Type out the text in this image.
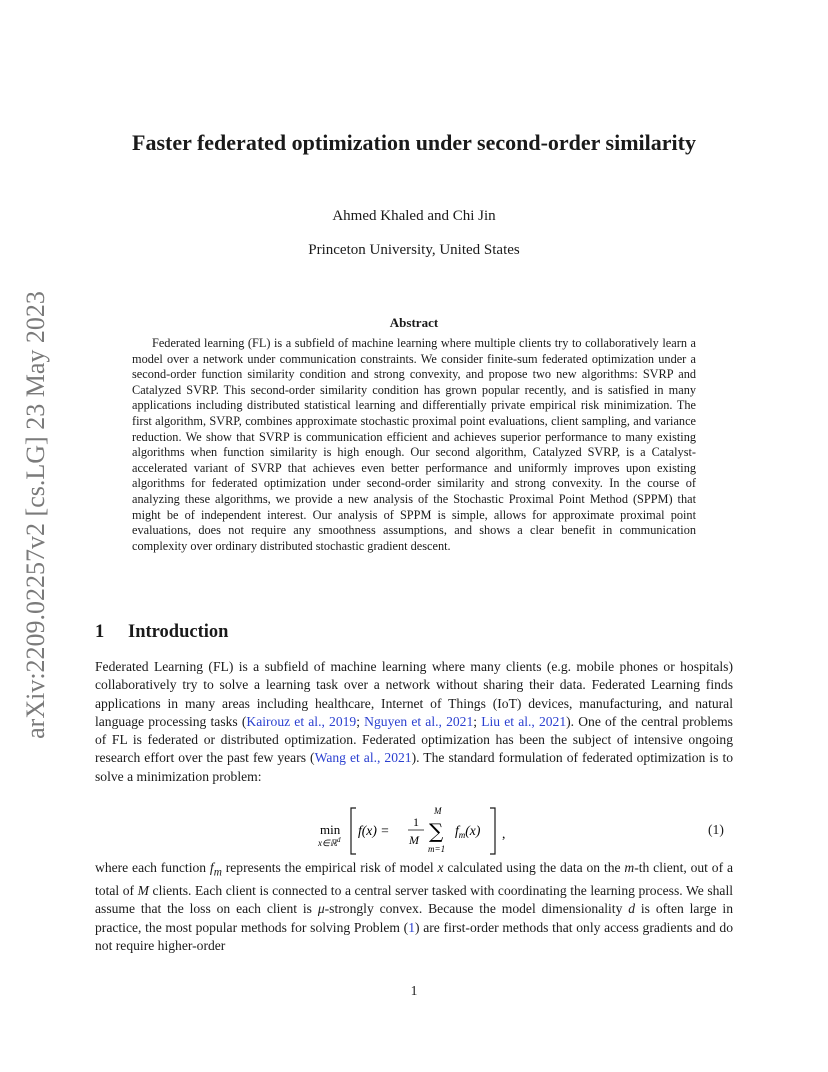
arXiv:2209.02257v2 [cs.LG] 23 May 2023
Faster federated optimization under second-order similarity
Ahmed Khaled and Chi Jin
Princeton University, United States
Abstract

Federated learning (FL) is a subfield of machine learning where multiple clients try to collaboratively learn a model over a network under communication constraints. We consider finite-sum federated optimization under a second-order function similarity condition and strong convexity, and propose two new algorithms: SVRP and Catalyzed SVRP. This second-order similarity condition has grown popular recently, and is satisfied in many applications including distributed statistical learning and differentially private empirical risk minimization. The first algorithm, SVRP, combines approximate stochastic proximal point evaluations, client sampling, and variance reduction. We show that SVRP is communication efficient and achieves superior performance to many existing algorithms when function similarity is high enough. Our second algorithm, Catalyzed SVRP, is a Catalyst-accelerated variant of SVRP that achieves even better performance and uniformly improves upon existing algorithms for federated optimization under second-order similarity and strong convexity. In the course of analyzing these algorithms, we provide a new analysis of the Stochastic Proximal Point Method (SPPM) that might be of independent interest. Our analysis of SPPM is simple, allows for approximate proximal point evaluations, does not require any smoothness assumptions, and shows a clear benefit in communication complexity over ordinary distributed stochastic gradient descent.

1 Introduction

Federated Learning (FL) is a subfield of machine learning where many clients (e.g. mobile phones or hospitals) collaboratively try to solve a learning task over a network without sharing their data. Federated Learning finds applications in many areas including healthcare, Internet of Things (IoT) devices, manufacturing, and natural language processing tasks (Kairouz et al., 2019; Nguyen et al., 2021; Liu et al., 2021). One of the central problems of FL is federated or distributed optimization. Federated optimization has been the subject of intensive ongoing research effort over the past few years (Wang et al., 2021). The standard formulation of federated optimization is to solve a minimization problem:

min
x∈ℝ$^d$
f(x) =
1
M
M
∑
m=1
$f_m(x)$ ,	(1)

where each function $f_m$ represents the empirical risk of model x calculated using the data on the m-th client, out of a total of M clients. Each client is connected to a central server tasked with coordinating the learning process. We shall assume that the loss on each client is μ-strongly convex. Because the model dimensionality d is often large in practice, the most popular methods for solving Problem (1) are first-order methods that only access gradients and do not require higher-order

1
